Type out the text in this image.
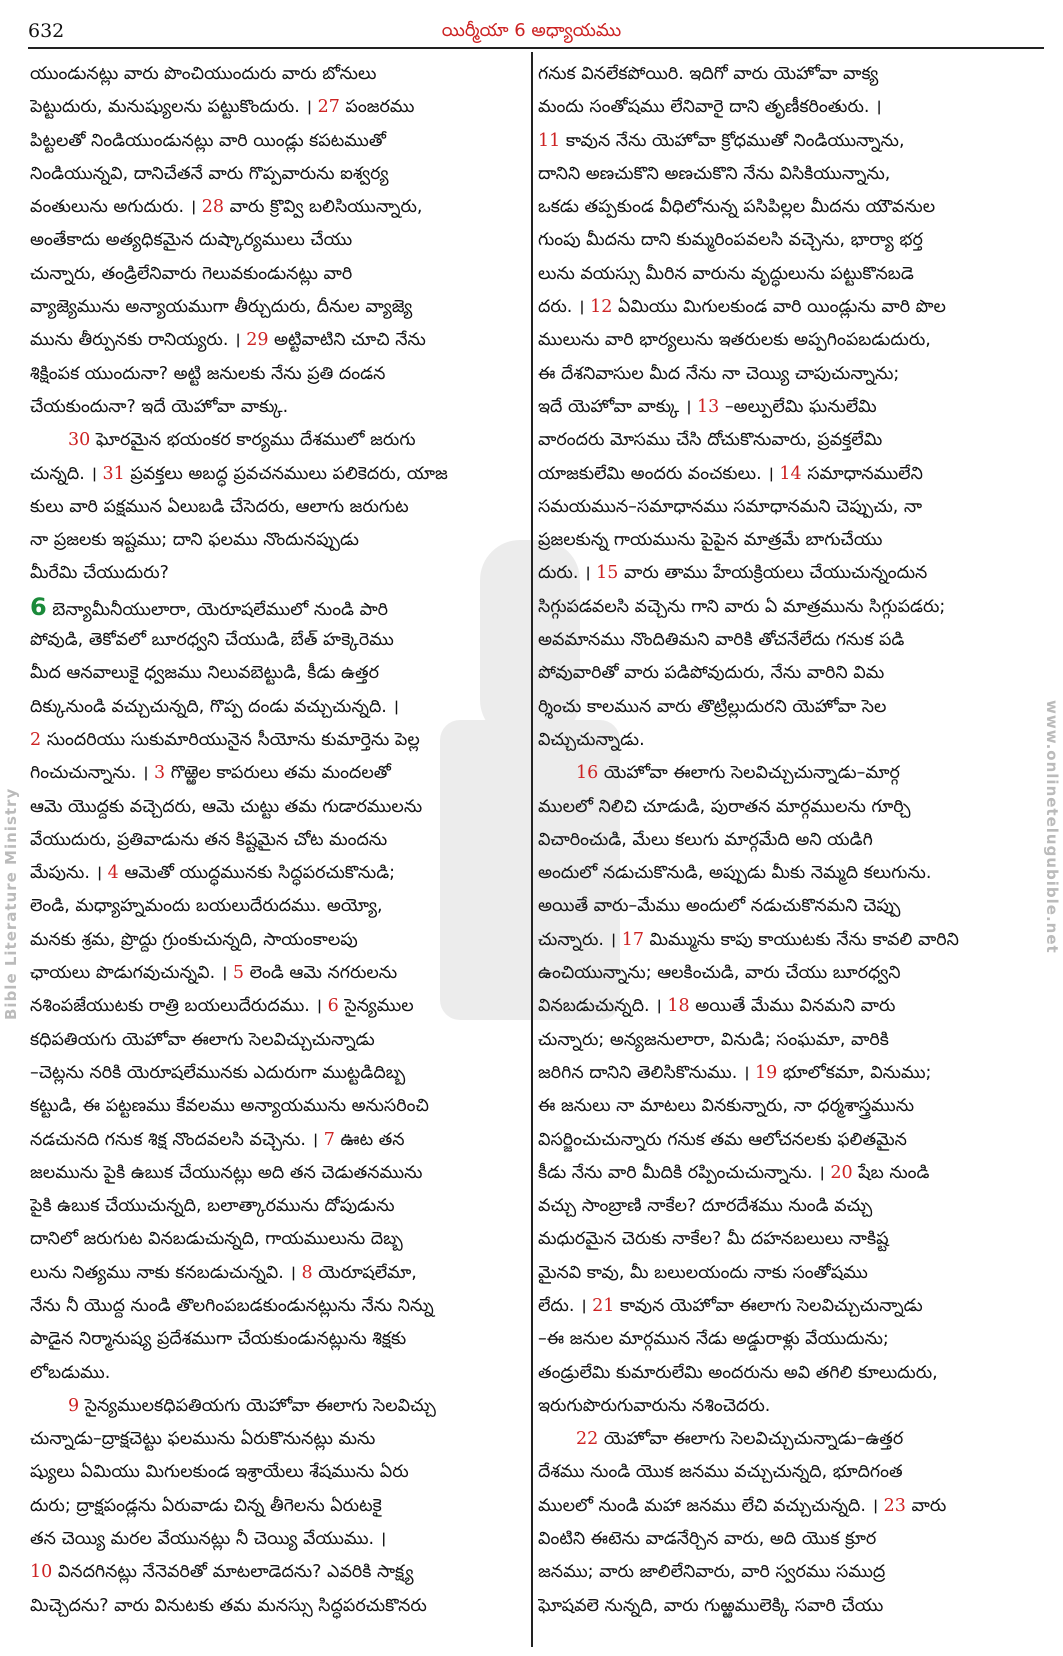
632	యిర్మీయా 6 అధ్యాయము
యుండునట్లు వారు పొంచియుందురు వారు బోనులు
పెట్టుదురు, మనుష్యులను పట్టుకొందురు. । 27 పంజరము
పిట్టలతో నిండియుండునట్లు వారి యిండ్లు కపటముతో
నిండియున్నవి, దానిచేతనే వారు గొప్పవారును ఐశ్వర్య
వంతులును అగుదురు. । 28 వారు క్రొవ్వి బలిసియున్నారు,
అంతేకాదు అత్యధికమైన దుష్కార్యములు చేయు
చున్నారు, తండ్రిలేనివారు గెలువకుండునట్లు వారి
వ్యాజ్యెమును అన్యాయముగా తీర్చుదురు, దీనుల వ్యాజ్యె
మును తీర్పునకు రానియ్యరు. । 29 అట్టివాటిని చూచి నేను
శిక్షింపక యుందునా? అట్టి జనులకు నేను ప్రతి దండన
చేయకుందునా? ఇదే యెహోవా వాక్కు.
30 ఘోరమైన భయంకర కార్యము దేశములో జరుగు
చున్నది. । 31 ప్రవక్తలు అబద్ధ ప్రవచనములు పలికెదరు, యాజ
కులు వారి పక్షమున ఏలుబడి చేసెదరు, ఆలాగు జరుగుట
నా ప్రజలకు ఇష్టము; దాని ఫలము నొందునప్పుడు
మీరేమి చేయుదురు?
6 బెన్యామీనీయులారా, యెరూషలేములో నుండి పారి
పోవుడి, తెకోవలో బూరధ్వని చేయుడి, బేత్ హక్కెరెము
మీద ఆనవాలుకై ధ్వజము నిలువబెట్టుడి, కీడు ఉత్తర
దిక్కునుండి వచ్చుచున్నది, గొప్ప దండు వచ్చుచున్నది. ।
2 సుందరియు సుకుమారియునైన సీయోను కుమార్తెను పెల్ల
గించుచున్నాను. । 3 గొఱ్ఱెల కాపరులు తమ మందలతో
ఆమె యొద్దకు వచ్చెదరు, ఆమె చుట్టు తమ గుడారములను
వేయుదురు, ప్రతివాడును తన కిష్టమైన చోట మందను
మేపును. । 4 ఆమెతో యుద్ధమునకు సిద్ధపరచుకొనుడి;
లెండి, మధ్యాహ్నమందు బయలుదేరుదము. అయ్యో,
మనకు శ్రమ, ప్రొద్దు గ్రుంకుచున్నది, సాయంకాలపు
ఛాయలు పొడుగవుచున్నవి. । 5 లెండి ఆమె నగరులను
నశింపజేయుటకు రాత్రి బయలుదేరుదము. । 6 సైన్యముల
కధిపతియగు యెహోవా ఈలాగు సెలవిచ్చుచున్నాడు
–చెట్లను నరికి యెరూషలేమునకు ఎదురుగా ముట్టడిదిబ్బ
కట్టుడి, ఈ పట్టణము కేవలము అన్యాయమును అనుసరించి
నడచునది గనుక శిక్ష నొందవలసి వచ్చెను. । 7 ఊట తన
జలమును పైకి ఉబుక చేయునట్లు అది తన చెడుతనమును
పైకి ఉబుక చేయుచున్నది, బలాత్కారమును దోపుడును
దానిలో జరుగుట వినబడుచున్నది, గాయములును దెబ్బ
లును నిత్యము నాకు కనబడుచున్నవి. । 8 యెరూషలేమా,
నేను నీ యొద్ద నుండి తొలగింపబడకుండునట్లును నేను నిన్ను
పాడైన నిర్మానుష్య ప్రదేశముగా చేయకుండునట్లును శిక్షకు
లోబడుము.
9 సైన్యములకధిపతియగు యెహోవా ఈలాగు సెలవిచ్చు
చున్నాడు–ద్రాక్షచెట్టు ఫలమును ఏరుకొనునట్లు మను
ష్యులు ఏమియు మిగులకుండ ఇశ్రాయేలు శేషమును ఏరు
దురు; ద్రాక్షపండ్లను ఏరువాడు చిన్న తీగెలను ఏరుటకై
తన చెయ్యి మరల వేయునట్లు నీ చెయ్యి వేయుము. ।
10 వినదగినట్లు నేనెవరితో మాటలాడెదను? ఎవరికి సాక్ష్య
మిచ్చెదను? వారు వినుటకు తమ మనస్సు సిద్ధపరచుకొనరు
గనుక వినలేకపోయిరి. ఇదిగో వారు యెహోవా వాక్య
మందు సంతోషము లేనివారై దాని తృణీకరింతురు. ।
11 కావున నేను యెహోవా క్రోధముతో నిండియున్నాను,
దానిని అణచుకొని అణచుకొని నేను విసికియున్నాను,
ఒకడు తప్పకుండ వీధిలోనున్న పసిపిల్లల మీదను యౌవనుల
గుంపు మీదను దాని కుమ్మరింపవలసి వచ్చెను, భార్యా భర్త
లును వయస్సు మీరిన వారును వృద్ధులును పట్టుకొనబడె
దరు. । 12 ఏమియు మిగులకుండ వారి యిండ్లును వారి పొల
ములును వారి భార్యలును ఇతరులకు అప్పగింపబడుదురు,
ఈ దేశనివాసుల మీద నేను నా చెయ్యి చాపుచున్నాను;
ఇదే యెహోవా వాక్కు । 13 –అల్పులేమి ఘనులేమి
వారందరు మోసము చేసి దోచుకొనువారు, ప్రవక్తలేమి
యాజకులేమి అందరు వంచకులు. । 14 సమాధానములేని
సమయమున–సమాధానము సమాధానమని చెప్పుచు, నా
ప్రజలకున్న గాయమును పైపైన మాత్రమే బాగుచేయు
దురు. । 15 వారు తాము హేయక్రియలు చేయుచున్నందున
సిగ్గుపడవలసి వచ్చెను గాని వారు ఏ మాత్రమును సిగ్గుపడరు;
అవమానము నొందితిమని వారికి తోచనేలేదు గనుక పడి
పోవువారితో వారు పడిపోవుదురు, నేను వారిని విమ
ర్శించు కాలమున వారు తొట్రిల్లుదురని యెహోవా సెల
విచ్చుచున్నాడు.
16 యెహోవా ఈలాగు సెలవిచ్చుచున్నాడు–మార్గ
ములలో నిలిచి చూడుడి, పురాతన మార్గములను గూర్చి
విచారించుడి, మేలు కలుగు మార్గమేది అని యడిగి
అందులో నడుచుకొనుడి, అప్పుడు మీకు నెమ్మది కలుగును.
అయితే వారు–మేము అందులో నడుచుకొనమని చెప్పు
చున్నారు. । 17 మిమ్మును కాపు కాయుటకు నేను కావలి వారిని
ఉంచియున్నాను; ఆలకించుడి, వారు చేయు బూరధ్వని
వినబడుచున్నది. । 18 అయితే మేము వినమని వారు
చున్నారు; అన్యజనులారా, వినుడి; సంఘమా, వారికి
జరిగిన దానిని తెలిసికొనుము. । 19 భూలోకమా, వినుము;
ఈ జనులు నా మాటలు వినకున్నారు, నా ధర్మశాస్త్రమును
విసర్జించుచున్నారు గనుక తమ ఆలోచనలకు ఫలితమైన
కీడు నేను వారి మీదికి రప్పించుచున్నాను. । 20 షేబ నుండి
వచ్చు సాంబ్రాణి నాకేల? దూరదేశము నుండి వచ్చు
మధురమైన చెరుకు నాకేల? మీ దహనబలులు నాకిష్ట
మైనవి కావు, మీ బలులయందు నాకు సంతోషము
లేదు. । 21 కావున యెహోవా ఈలాగు సెలవిచ్చుచున్నాడు
–ఈ జనుల మార్గమున నేడు అడ్డురాళ్లు వేయుదును;
తండ్రులేమి కుమారులేమి అందరును అవి తగిలి కూలుదురు,
ఇరుగుపొరుగువారును నశించెదరు.
22 యెహోవా ఈలాగు సెలవిచ్చుచున్నాడు–ఉత్తర
దేశము నుండి యొక జనము వచ్చుచున్నది, భూదిగంత
ములలో నుండి మహా జనము లేచి వచ్చుచున్నది. । 23 వారు
వింటిని ఈటెను వాడనేర్చిన వారు, అది యొక క్రూర
జనము; వారు జాలిలేనివారు, వారి స్వరము సముద్ర
ఘోషవలె నున్నది, వారు గుఱ్ఱములెక్కి సవారి చేయు
Bible Literature Ministry	www.onlinetelugubible.net
